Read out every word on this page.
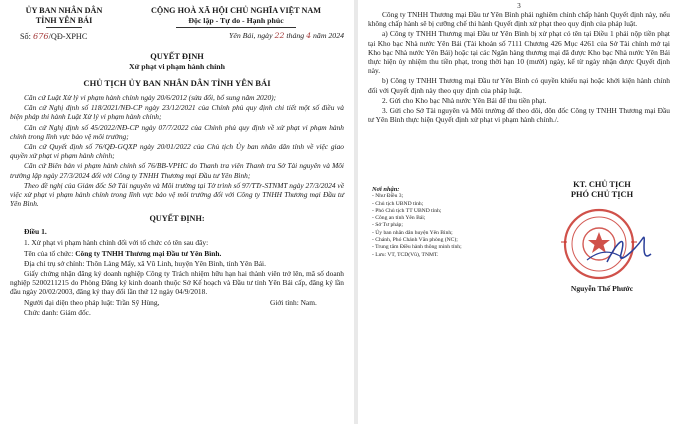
ỦY BAN NHÂN DÂN
TỈNH YÊN BÁI
Số: 676/QĐ-XPHC
CỘNG HOÀ XÃ HỘI CHỦ NGHĨA VIỆT NAM
Độc lập - Tự do - Hạnh phúc
Yên Bái, ngày 22 tháng 4 năm 2024
QUYẾT ĐỊNH
Xử phạt vi phạm hành chính
CHỦ TỊCH ỦY BAN NHÂN DÂN TỈNH YÊN BÁI

Căn cứ Luật Xử lý vi phạm hành chính ngày 20/6/2012 (sửa đổi, bổ sung năm 2020);

Căn cứ Nghị định số 118/2021/NĐ-CP ngày 23/12/2021 của Chính phủ quy định chi tiết một số điều và biện pháp thi hành Luật Xử lý vi phạm hành chính;

Căn cứ Nghị định số 45/2022/NĐ-CP ngày 07/7/2022 của Chính phủ quy định về xử phạt vi phạm hành chính trong lĩnh vực bảo vệ môi trường;

Căn cứ Quyết định số 76/QĐ-GQXP ngày 20/01/2022 của Chủ tịch Ủy ban nhân dân tỉnh về việc giao quyền xử phạt vi phạm hành chính;

Căn cứ Biên bản vi phạm hành chính số 76/BB-VPHC do Thanh tra viên Thanh tra Sở Tài nguyên và Môi trường lập ngày 27/3/2024 đối với Công ty TNHH Thương mại Đầu tư Yên Bình;

Theo đề nghị của Giám đốc Sở Tài nguyên và Môi trường tại Tờ trình số 97/TTr-STNMT ngày 27/3/2024 về việc xử phạt vi phạm hành chính trong lĩnh vực bảo vệ môi trường đối với Công ty TNHH Thương mại Đầu tư Yên Bình.

QUYẾT ĐỊNH:
Điều 1.

1. Xử phạt vi phạm hành chính đối với tổ chức có tên sau đây:

Tên của tổ chức: Công ty TNHH Thương mại Đầu tư Yên Bình.

Địa chỉ trụ sở chính: Thôn Làng Mẩy, xã Vũ Linh, huyện Yên Bình, tỉnh Yên Bái.

Giấy chứng nhận đăng ký doanh nghiệp Công ty Trách nhiệm hữu hạn hai thành viên trở lên, mã số doanh nghiệp 5200211215 do Phòng Đăng ký kinh doanh thuộc Sở Kế hoạch và Đầu tư tỉnh Yên Bái cấp, đăng ký lần đầu ngày 20/02/2003, đăng ký thay đổi lần thứ 12 ngày 04/9/2018.

Người đại diện theo pháp luật: Trần Sỹ Hùng,	Giới tính: Nam.
Chức danh: Giám đốc.
3

Công ty TNHH Thương mại Đầu tư Yên Bình phải nghiêm chỉnh chấp hành Quyết định này, nếu không chấp hành sẽ bị cưỡng chế thi hành Quyết định xử phạt theo quy định của pháp luật.

a) Công ty TNHH Thương mại Đầu tư Yên Bình bị xử phạt có tên tại Điều 1 phải nộp tiền phạt tại Kho bạc Nhà nước Yên Bái (Tài khoản số 7111 Chương 426 Mục 4261 của Sở Tài chính mở tại Kho bạc Nhà nước Yên Bái) hoặc tại các Ngân hàng thương mại đã được Kho bạc Nhà nước Yên Bái thực hiện ủy nhiệm thu tiền phạt, trong thời hạn 10 (mười) ngày, kể từ ngày nhận được Quyết định này.

b) Công ty TNHH Thương mại Đầu tư Yên Bình có quyền khiếu nại hoặc khởi kiện hành chính đối với Quyết định này theo quy định của pháp luật.

2. Gửi cho Kho bạc Nhà nước Yên Bái để thu tiền phạt.

3. Gửi cho Sở Tài nguyên và Môi trường để theo dõi, đôn đốc Công ty TNHH Thương mại Đầu tư Yên Bình thực hiện Quyết định xử phạt vi phạm hành chính./.

Nơi nhận:
- Như Điều 3;
- Chủ tịch UBND tỉnh;
- Phó Chủ tịch TT UBND tỉnh;
- Công an tỉnh Yên Bái;
- Sở Tư pháp;
- Ủy ban nhân dân huyện Yên Bình;
- Chánh, Phó Chánh Văn phòng (NC);
- Trung tâm Điều hành thông minh tỉnh;
- Lưu: VT, TCD(Vũ), TNMT.
KT. CHỦ TỊCH
PHÓ CHỦ TỊCH
Nguyễn Thế Phước
